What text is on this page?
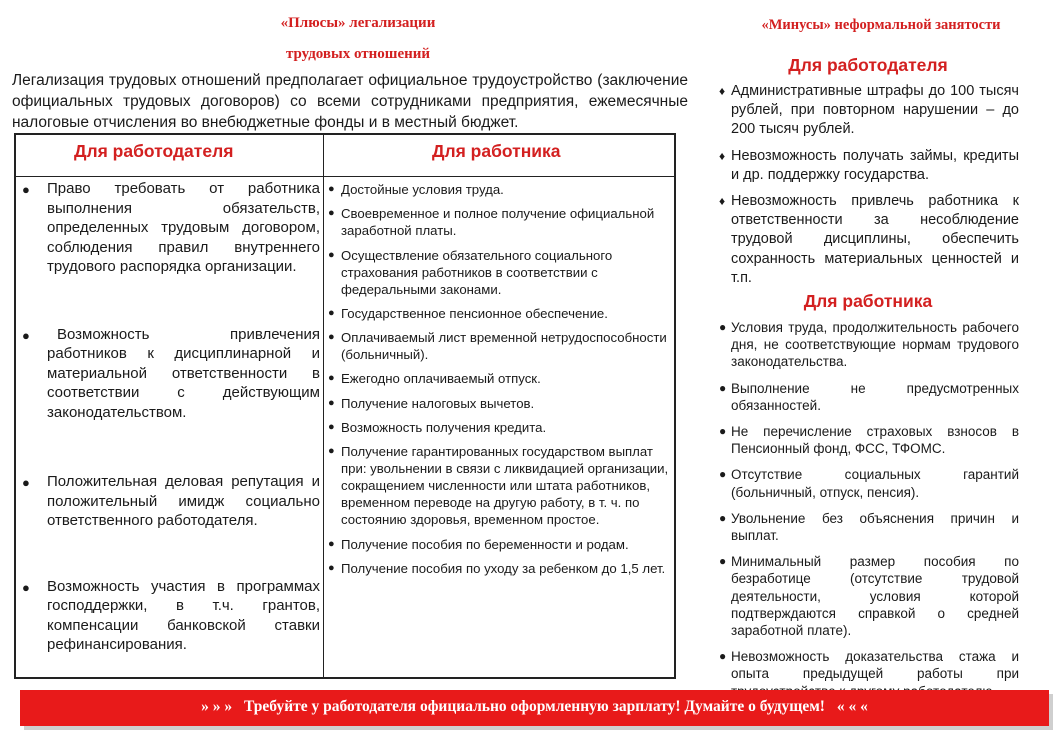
«Плюсы» легализации
трудовых отношений
Легализация трудовых отношений предполагает официальное трудоустройство (заключение официальных трудовых договоров) со всеми сотрудниками предприятия, ежемесячные налоговые отчисления во внебюджетные фонды и в местный бюджет.
Для работодателя	Для работника
● Право требовать от работника выполнения обязательств, определенных трудовым договором, соблюдения правил внутреннего трудового распорядка организации.
● Возможность привлечения работников к дисциплинарной и материальной ответственности в соответствии с действующим законодательством.
● Положительная деловая репутация и положительный имидж социально ответственного работодателя.
● Возможность участия в программах господдержки, в т.ч. грантов, компенсации банковской ставки рефинансирования.
● Достойные условия труда.
● Своевременное и полное получение официальной заработной платы.
● Осуществление обязательного социального страхования работников в соответствии с федеральными законами.
● Государственное пенсионное обеспечение.
● Оплачиваемый лист временной нетрудоспособности (больничный).
● Ежегодно оплачиваемый отпуск.
● Получение налоговых вычетов.
● Возможность получения кредита.
● Получение гарантированных государством выплат при: увольнении в связи с ликвидацией организации, сокращением численности или штата работников, временном переводе на другую работу, в т. ч. по состоянию здоровья, временном простое.
● Получение пособия по беременности и родам.
● Получение пособия по уходу за ребенком до 1,5 лет.
«Минусы» неформальной занятости
Для работодателя
♦ Административные штрафы до 100 тысяч рублей, при повторном нарушении – до 200 тысяч рублей.
♦ Невозможность получать займы, кредиты и др. поддержку государства.
♦ Невозможность привлечь работника к ответственности за несоблюдение трудовой дисциплины, обеспечить сохранность материальных ценностей и т.п.
Для работника
● Условия труда, продолжительность рабочего дня, не соответствующие нормам трудового законодательства.
● Выполнение не предусмотренных обязанностей.
● Не перечисление страховых взносов в Пенсионный фонд, ФСС, ТФОМС.
● Отсутствие социальных гарантий (больничный, отпуск, пенсия).
● Увольнение без объяснения причин и выплат.
● Минимальный размер пособия по безработице (отсутствие трудовой деятельности, условия которой подтверждаются справкой о средней заработной плате).
● Невозможность доказательства стажа и опыта предыдущей работы при
» » » Требуйте у работодателя официально оформленную зарплату! Думайте о будущем! « « «
